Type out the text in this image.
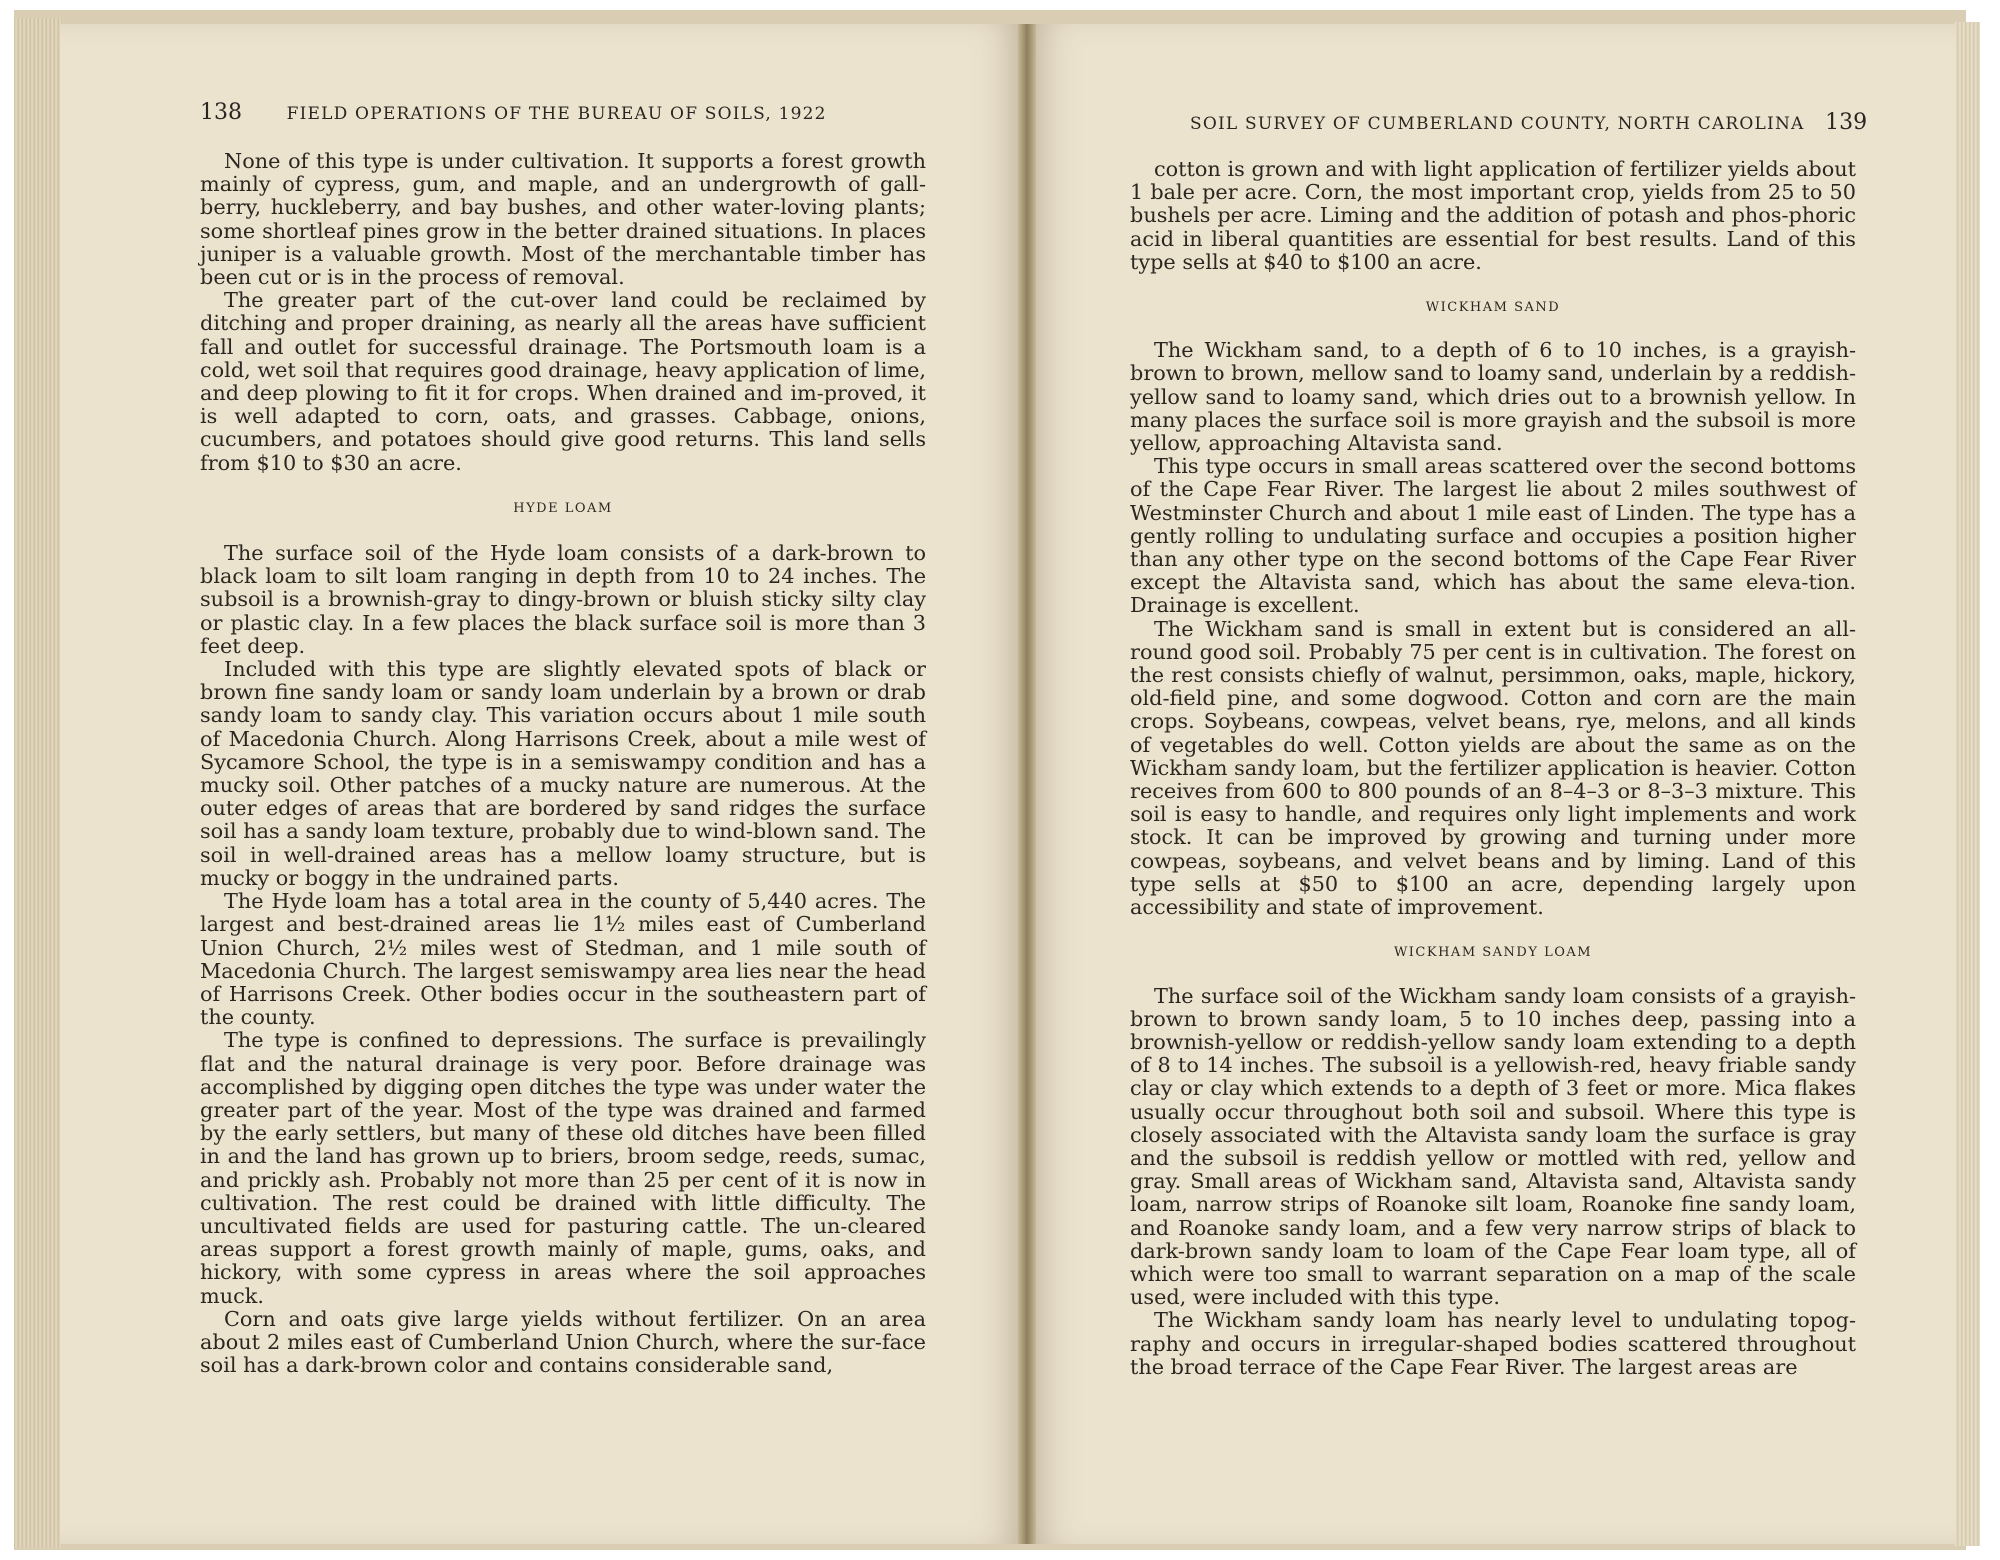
138	FIELD OPERATIONS OF THE BUREAU OF SOILS, 1922

None of this type is under cultivation. It supports a forest growth mainly of cypress, gum, and maple, and an undergrowth of gall-berry, huckleberry, and bay bushes, and other water-loving plants; some shortleaf pines grow in the better drained situations. In places juniper is a valuable growth. Most of the merchantable timber has been cut or is in the process of removal.

The greater part of the cut-over land could be reclaimed by ditching and proper draining, as nearly all the areas have sufficient fall and outlet for successful drainage. The Portsmouth loam is a cold, wet soil that requires good drainage, heavy application of lime, and deep plowing to fit it for crops. When drained and im-proved, it is well adapted to corn, oats, and grasses. Cabbage, onions, cucumbers, and potatoes should give good returns. This land sells from $10 to $30 an acre.

HYDE LOAM

The surface soil of the Hyde loam consists of a dark-brown to black loam to silt loam ranging in depth from 10 to 24 inches. The subsoil is a brownish-gray to dingy-brown or bluish sticky silty clay or plastic clay. In a few places the black surface soil is more than 3 feet deep.

Included with this type are slightly elevated spots of black or brown fine sandy loam or sandy loam underlain by a brown or drab sandy loam to sandy clay. This variation occurs about 1 mile south of Macedonia Church. Along Harrisons Creek, about a mile west of Sycamore School, the type is in a semiswampy condition and has a mucky soil. Other patches of a mucky nature are numerous. At the outer edges of areas that are bordered by sand ridges the surface soil has a sandy loam texture, probably due to wind-blown sand. The soil in well-drained areas has a mellow loamy structure, but is mucky or boggy in the undrained parts.

The Hyde loam has a total area in the county of 5,440 acres. The largest and best-drained areas lie 1½ miles east of Cumberland Union Church, 2½ miles west of Stedman, and 1 mile south of Macedonia Church. The largest semiswampy area lies near the head of Harrisons Creek. Other bodies occur in the southeastern part of the county.

The type is confined to depressions. The surface is prevailingly flat and the natural drainage is very poor. Before drainage was accomplished by digging open ditches the type was under water the greater part of the year. Most of the type was drained and farmed by the early settlers, but many of these old ditches have been filled in and the land has grown up to briers, broom sedge, reeds, sumac, and prickly ash. Probably not more than 25 per cent of it is now in cultivation. The rest could be drained with little difficulty. The uncultivated fields are used for pasturing cattle. The un-cleared areas support a forest growth mainly of maple, gums, oaks, and hickory, with some cypress in areas where the soil approaches muck.

Corn and oats give large yields without fertilizer. On an area about 2 miles east of Cumberland Union Church, where the sur-face soil has a dark-brown color and contains considerable sand,

SOIL SURVEY OF CUMBERLAND COUNTY, NORTH CAROLINA 139

cotton is grown and with light application of fertilizer yields about 1 bale per acre. Corn, the most important crop, yields from 25 to 50 bushels per acre. Liming and the addition of potash and phos-phoric acid in liberal quantities are essential for best results. Land of this type sells at $40 to $100 an acre.

WICKHAM SAND

The Wickham sand, to a depth of 6 to 10 inches, is a grayish-brown to brown, mellow sand to loamy sand, underlain by a reddish-yellow sand to loamy sand, which dries out to a brownish yellow. In many places the surface soil is more grayish and the subsoil is more yellow, approaching Altavista sand.

This type occurs in small areas scattered over the second bottoms of the Cape Fear River. The largest lie about 2 miles southwest of Westminster Church and about 1 mile east of Linden. The type has a gently rolling to undulating surface and occupies a position higher than any other type on the second bottoms of the Cape Fear River except the Altavista sand, which has about the same eleva-tion. Drainage is excellent.

The Wickham sand is small in extent but is considered an all-round good soil. Probably 75 per cent is in cultivation. The forest on the rest consists chiefly of walnut, persimmon, oaks, maple, hickory, old-field pine, and some dogwood. Cotton and corn are the main crops. Soybeans, cowpeas, velvet beans, rye, melons, and all kinds of vegetables do well. Cotton yields are about the same as on the Wickham sandy loam, but the fertilizer application is heavier. Cotton receives from 600 to 800 pounds of an 8–4–3 or 8–3–3 mixture. This soil is easy to handle, and requires only light implements and work stock. It can be improved by growing and turning under more cowpeas, soybeans, and velvet beans and by liming. Land of this type sells at $50 to $100 an acre, depending largely upon accessibility and state of improvement.

WICKHAM SANDY LOAM

The surface soil of the Wickham sandy loam consists of a grayish-brown to brown sandy loam, 5 to 10 inches deep, passing into a brownish-yellow or reddish-yellow sandy loam extending to a depth of 8 to 14 inches. The subsoil is a yellowish-red, heavy friable sandy clay or clay which extends to a depth of 3 feet or more. Mica flakes usually occur throughout both soil and subsoil. Where this type is closely associated with the Altavista sandy loam the surface is gray and the subsoil is reddish yellow or mottled with red, yellow and gray. Small areas of Wickham sand, Altavista sand, Altavista sandy loam, narrow strips of Roanoke silt loam, Roanoke fine sandy loam, and Roanoke sandy loam, and a few very narrow strips of black to dark-brown sandy loam to loam of the Cape Fear loam type, all of which were too small to warrant separation on a map of the scale used, were included with this type.

The Wickham sandy loam has nearly level to undulating topog-raphy and occurs in irregular-shaped bodies scattered throughout the broad terrace of the Cape Fear River. The largest areas are
